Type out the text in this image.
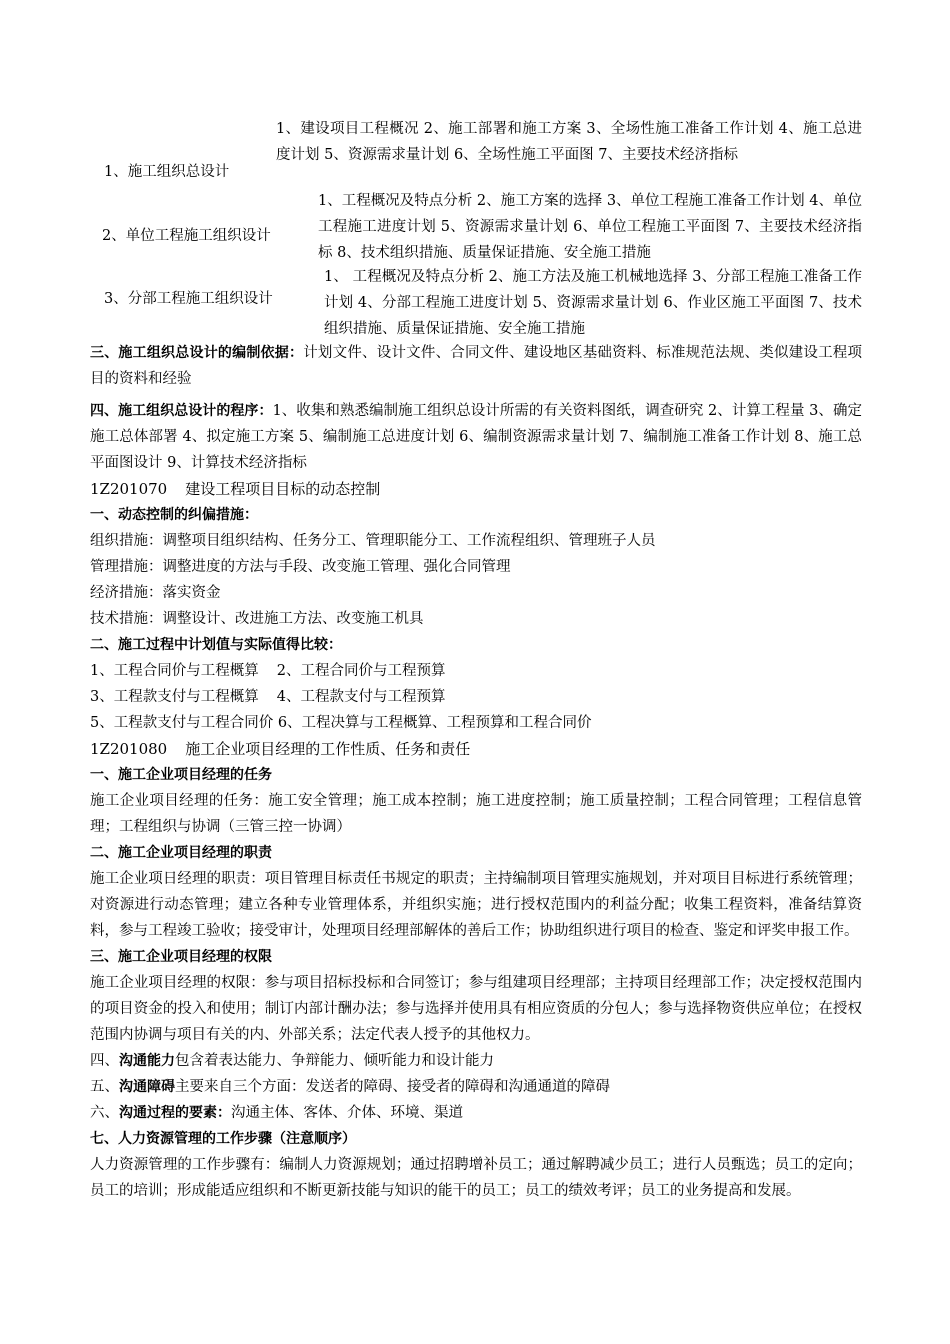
1、施工组织总设计
1、建设项目工程概况 2、施工部署和施工方案 3、全场性施工准备工作计划 4、施工总进度计划 5、资源需求量计划 6、全场性施工平面图 7、主要技术经济指标
2、单位工程施工组织设计
1、工程概况及特点分析 2、施工方案的选择 3、单位工程施工准备工作计划 4、单位工程施工进度计划 5、资源需求量计划 6、单位工程施工平面图 7、主要技术经济指标 8、技术组织措施、质量保证措施、安全施工措施
3、分部工程施工组织设计
1、 工程概况及特点分析 2、施工方法及施工机械地选择 3、分部工程施工准备工作计划 4、分部工程施工进度计划 5、资源需求量计划 6、作业区施工平面图 7、技术组织措施、质量保证措施、安全施工措施

三、施工组织总设计的编制依据：计划文件、设计文件、合同文件、建设地区基础资料、标准规范法规、类似建设工程项目的资料和经验

四、施工组织总设计的程序：1、收集和熟悉编制施工组织总设计所需的有关资料图纸，调查研究 2、计算工程量 3、确定施工总体部署 4、拟定施工方案 5、编制施工总进度计划 6、编制资源需求量计划 7、编制施工准备工作计划 8、施工总平面图设计 9、计算技术经济指标

1Z201070 建设工程项目目标的动态控制

一、动态控制的纠偏措施：

组织措施：调整项目组织结构、任务分工、管理职能分工、工作流程组织、管理班子人员

管理措施：调整进度的方法与手段、改变施工管理、强化合同管理

经济措施：落实资金

技术措施：调整设计、改进施工方法、改变施工机具

二、施工过程中计划值与实际值得比较：

1、工程合同价与工程概算 2、工程合同价与工程预算

3、工程款支付与工程概算 4、工程款支付与工程预算

5、工程款支付与工程合同价 6、工程决算与工程概算、工程预算和工程合同价

1Z201080 施工企业项目经理的工作性质、任务和责任

一、施工企业项目经理的任务

施工企业项目经理的任务：施工安全管理；施工成本控制；施工进度控制；施工质量控制；工程合同管理；工程信息管理；工程组织与协调（三管三控一协调）

二、施工企业项目经理的职责

施工企业项日经理的职责：项目管理目标责任书规定的职责；主持编制项目管理实施规划，并对项目目标进行系统管理；对资源进行动态管理；建立各种专业管理体系，并组织实施；进行授权范围内的利益分配；收集工程资料，准备结算资料，参与工程竣工验收；接受审计，处理项目经理部解体的善后工作；协助组织进行项目的检查、鉴定和评奖申报工作。

三、施工企业项目经理的权限

施工企业项目经理的权限：参与项目招标投标和合同签订；参与组建项目经理部；主持项目经理部工作；决定授权范围内的项目资金的投入和使用；制订内部计酬办法；参与选择并使用具有相应资质的分包人；参与选择物资供应单位；在授权范围内协调与项目有关的内、外部关系；法定代表人授予的其他权力。

四、沟通能力包含着表达能力、争辩能力、倾听能力和设计能力

五、沟通障碍主要来自三个方面：发送者的障碍、接受者的障碍和沟通通道的障碍

六、沟通过程的要素：沟通主体、客体、介体、环境、渠道

七、人力资源管理的工作步骤（注意顺序）

人力资源管理的工作步骤有：编制人力资源规划；通过招聘增补员工；通过解聘减少员工；进行人员甄选；员工的定向；员工的培训；形成能适应组织和不断更新技能与知识的能干的员工；员工的绩效考评；员工的业务提高和发展。
